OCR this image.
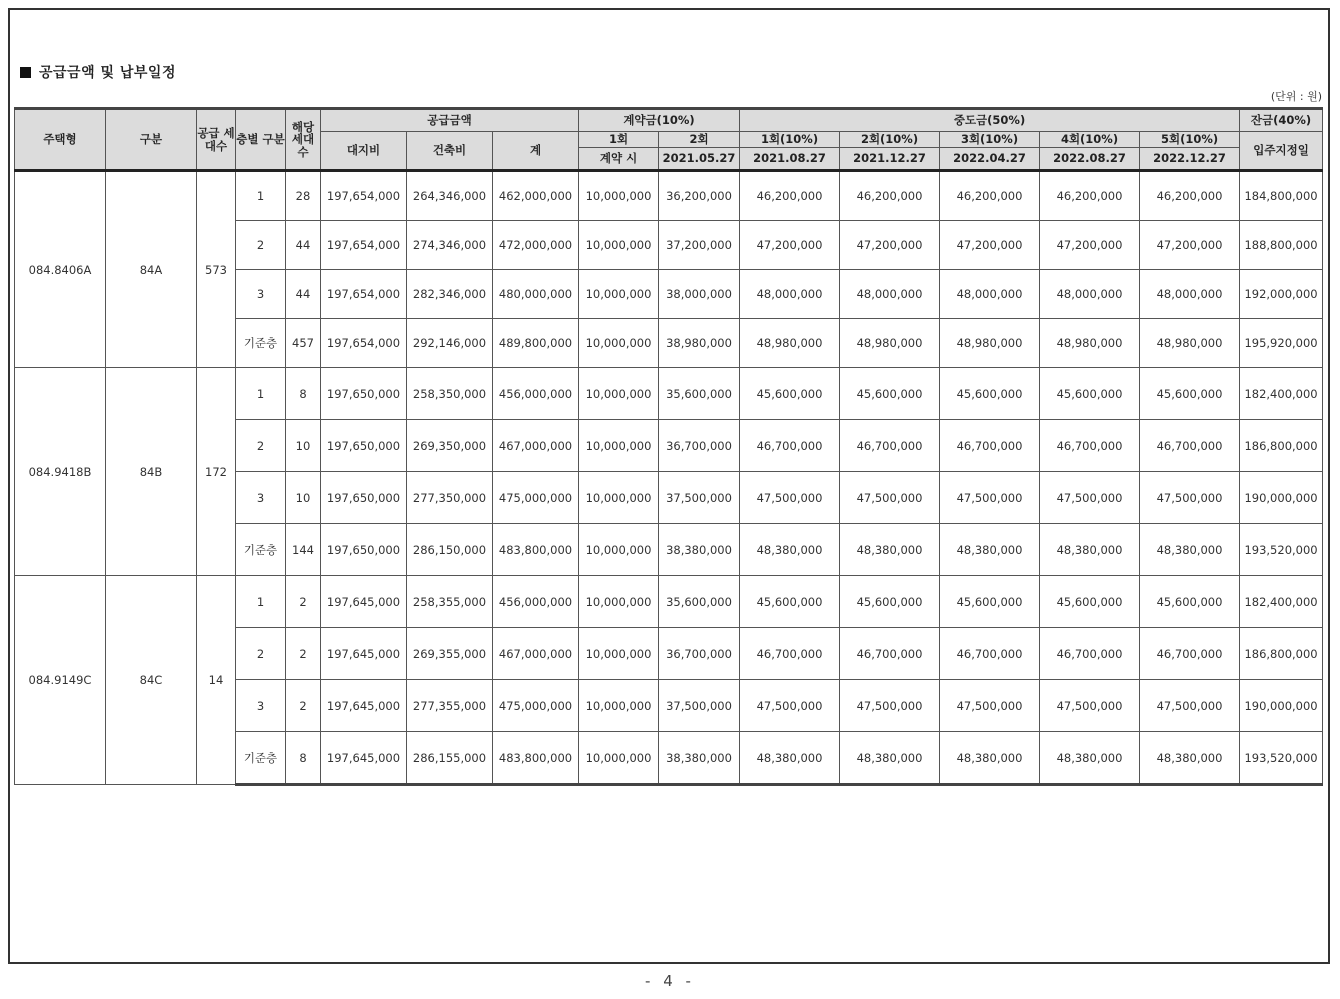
공급금액 및 납부일정
(단위 : 원)
주택형	구분	공급 세대수	층별 구분	해당 세대 수	공급금액			계약금(10%)		중도금(50%)					잔금(40%)
					대지비	건축비	계	1회	2회	1회(10%)	2회(10%)	3회(10%)	4회(10%)	5회(10%)	입주지정일
								계약 시	2021.05.27	2021.08.27	2021.12.27	2022.04.27	2022.08.27	2022.12.27	
084.8406A	84A	573	1	28	197,654,000	264,346,000	462,000,000	10,000,000	36,200,000	46,200,000	46,200,000	46,200,000	46,200,000	46,200,000	184,800,000
			2	44	197,654,000	274,346,000	472,000,000	10,000,000	37,200,000	47,200,000	47,200,000	47,200,000	47,200,000	47,200,000	188,800,000
			3	44	197,654,000	282,346,000	480,000,000	10,000,000	38,000,000	48,000,000	48,000,000	48,000,000	48,000,000	48,000,000	192,000,000
			기준층	457	197,654,000	292,146,000	489,800,000	10,000,000	38,980,000	48,980,000	48,980,000	48,980,000	48,980,000	48,980,000	195,920,000
084.9418B	84B	172	1	8	197,650,000	258,350,000	456,000,000	10,000,000	35,600,000	45,600,000	45,600,000	45,600,000	45,600,000	45,600,000	182,400,000
			2	10	197,650,000	269,350,000	467,000,000	10,000,000	36,700,000	46,700,000	46,700,000	46,700,000	46,700,000	46,700,000	186,800,000
			3	10	197,650,000	277,350,000	475,000,000	10,000,000	37,500,000	47,500,000	47,500,000	47,500,000	47,500,000	47,500,000	190,000,000
			기준층	144	197,650,000	286,150,000	483,800,000	10,000,000	38,380,000	48,380,000	48,380,000	48,380,000	48,380,000	48,380,000	193,520,000
084.9149C	84C	14	1	2	197,645,000	258,355,000	456,000,000	10,000,000	35,600,000	45,600,000	45,600,000	45,600,000	45,600,000	45,600,000	182,400,000
			2	2	197,645,000	269,355,000	467,000,000	10,000,000	36,700,000	46,700,000	46,700,000	46,700,000	46,700,000	46,700,000	186,800,000
			3	2	197,645,000	277,355,000	475,000,000	10,000,000	37,500,000	47,500,000	47,500,000	47,500,000	47,500,000	47,500,000	190,000,000
			기준층	8	197,645,000	286,155,000	483,800,000	10,000,000	38,380,000	48,380,000	48,380,000	48,380,000	48,380,000	48,380,000	193,520,000
- 4 -
